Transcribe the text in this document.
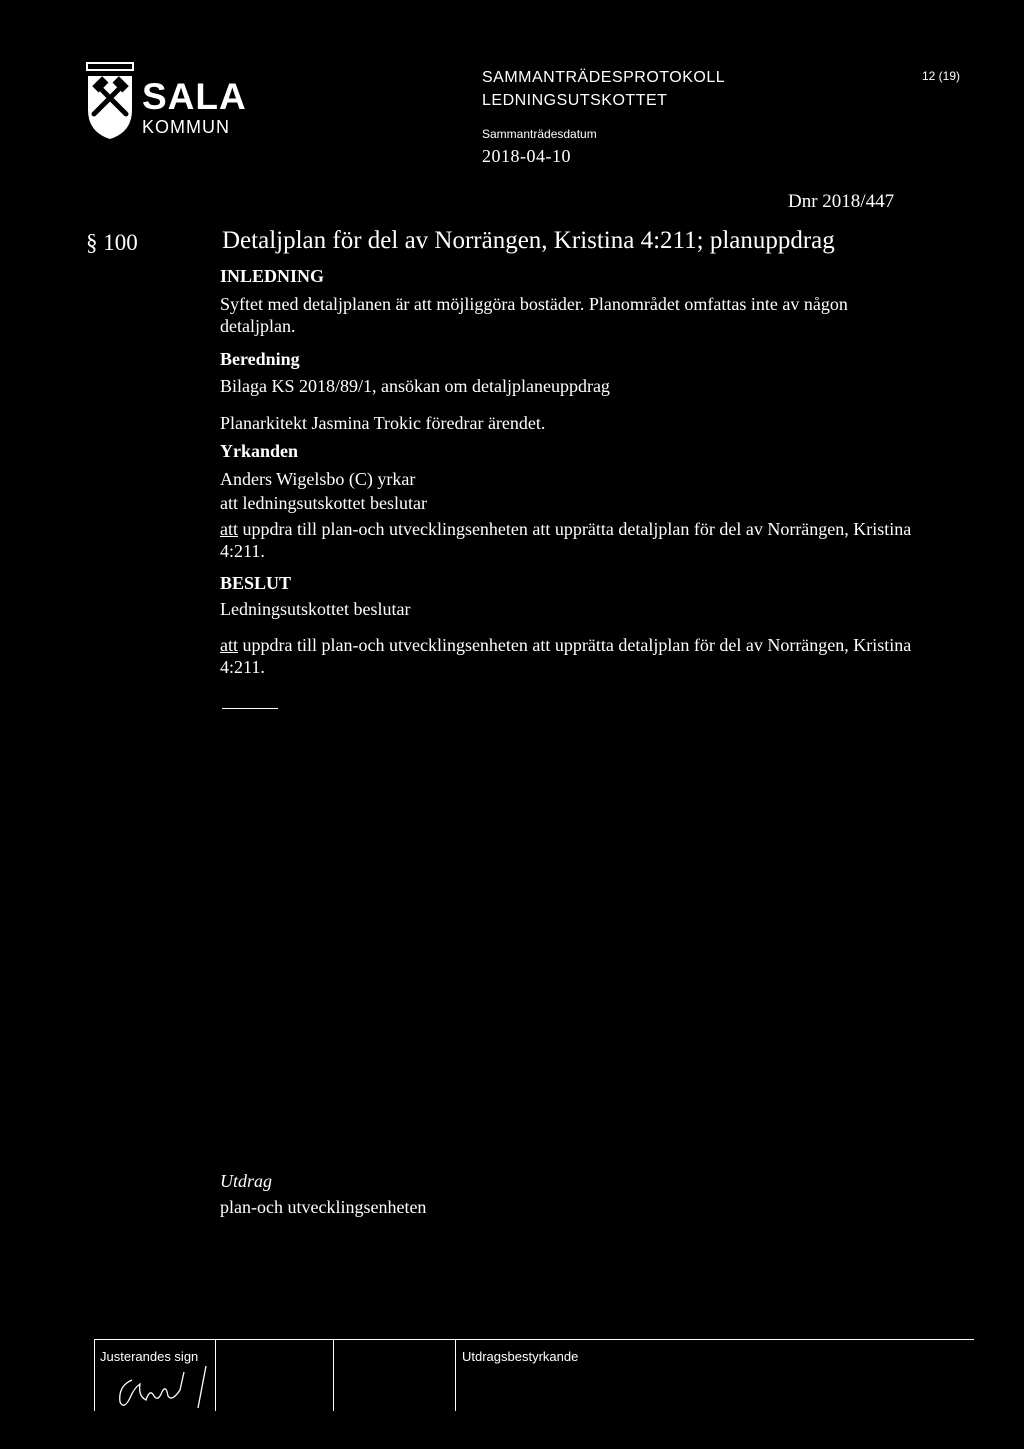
SALA
KOMMUN
SAMMANTRÄDESPROTOKOLL
LEDNINGSUTSKOTTET
12 (19)
Sammanträdesdatum
2018-04-10
Dnr 2018/447
§ 100	Detaljplan för del av Norrängen, Kristina 4:211; planuppdrag
INLEDNING
Syftet med detaljplanen är att möjliggöra bostäder. Planområdet omfattas inte av någon detaljplan.
Beredning
Bilaga KS 2018/89/1, ansökan om detaljplaneuppdrag
Planarkitekt Jasmina Trokic föredrar ärendet.
Yrkanden
Anders Wigelsbo (C) yrkar
att ledningsutskottet beslutar
att uppdra till plan-och utvecklingsenheten att upprätta detaljplan för del av Norrängen, Kristina 4:211.
BESLUT
Ledningsutskottet beslutar
att uppdra till plan-och utvecklingsenheten att upprätta detaljplan för del av Norrängen, Kristina 4:211.
Utdrag
plan-och utvecklingsenheten
Justerandes sign	Utdragsbestyrkande
